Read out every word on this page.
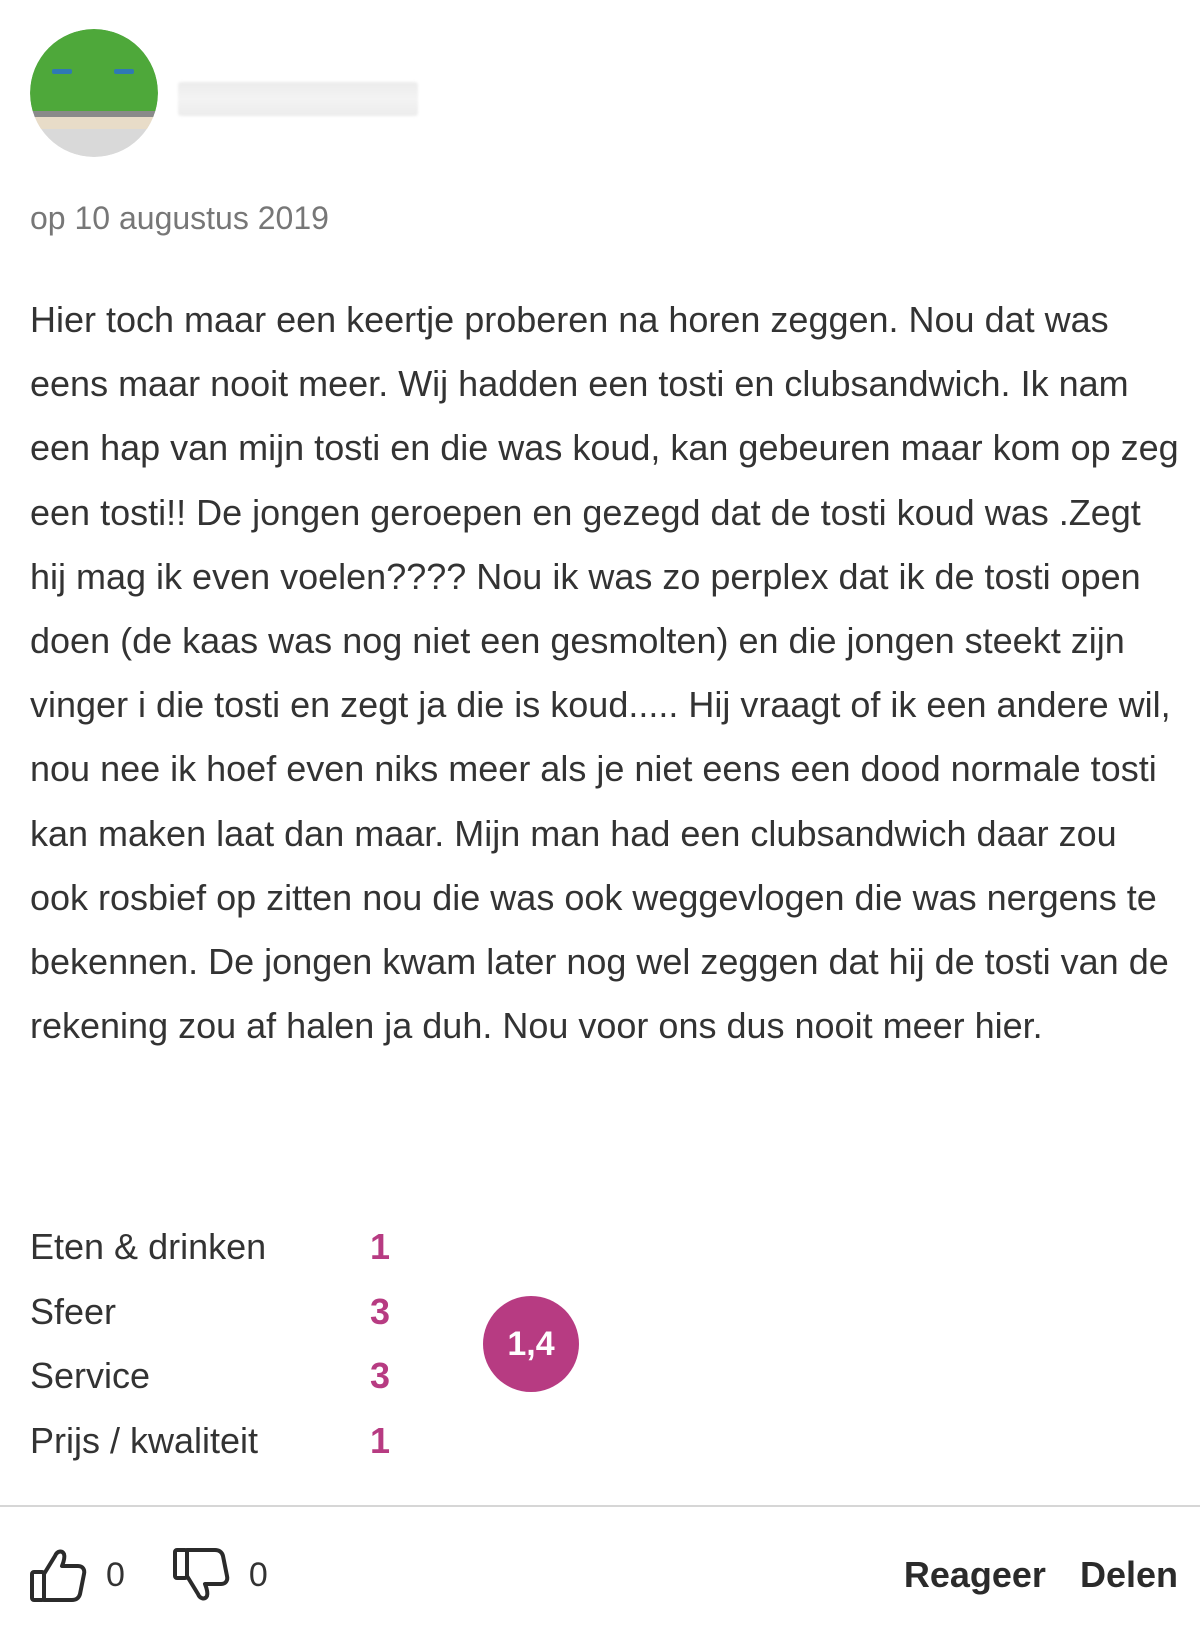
op 10 augustus 2019

Hier toch maar een keertje proberen na horen zeggen. Nou dat was eens maar nooit meer. Wij hadden een tosti en clubsandwich. Ik nam een hap van mijn tosti en die was koud, kan gebeuren maar kom op zeg een tosti!! De jongen geroepen en gezegd dat de tosti koud was .Zegt hij mag ik even voelen???? Nou ik was zo perplex dat ik de tosti open doen (de kaas was nog niet een gesmolten) en die jongen steekt zijn vinger i die tosti en zegt ja die is koud..... Hij vraagt of ik een andere wil, nou nee ik hoef even niks meer als je niet eens een dood normale tosti kan maken laat dan maar. Mijn man had een clubsandwich daar zou ook rosbief op zitten nou die was ook weggevlogen die was nergens te bekennen. De jongen kwam later nog wel zeggen dat hij de tosti van de rekening zou af halen ja duh. Nou voor ons dus nooit meer hier.

Eten & drinken	1
Sfeer	3
Service	3
Prijs / kwaliteit	1
1,4
0	0	Reageer Delen
